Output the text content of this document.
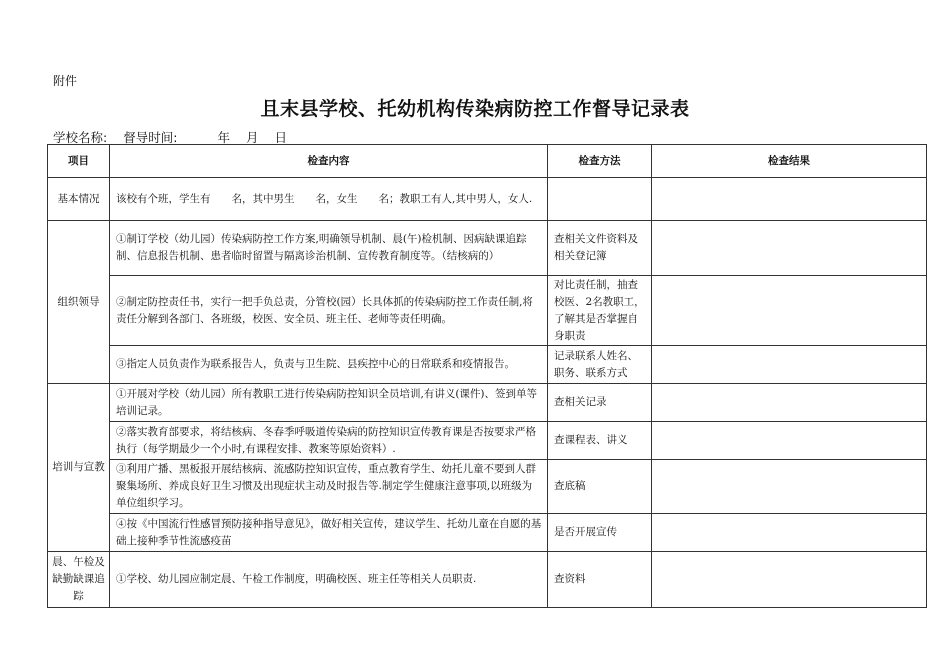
附件
且末县学校、托幼机构传染病防控工作督导记录表
学校名称: 督导时间:	年 月 日
项目	检查内容	检查方法	检查结果
基本情况	该校有个班，学生有　　名，其中男生　　名，女生　　名；教职工有人,其中男人，女人.		
组织领导	①制订学校（幼儿园）传染病防控工作方案,明确领导机制、晨(午)检机制、因病缺课追踪制、信息报告机制、患者临时留置与隔离诊治机制、宣传教育制度等。（结核病的）	查相关文件资料及相关登记簿	
	②制定防控责任书，实行一把手负总责，分管校(园）长具体抓的传染病防控工作责任制,将责任分解到各部门、各班级，校医、安全员、班主任、老师等责任明确。	对比责任制，抽查校医、2名教职工，了解其是否掌握自身职责	
	③指定人员负责作为联系报告人，负责与卫生院、县疾控中心的日常联系和疫情报告。	记录联系人姓名、职务、联系方式	
培训与宣教	①开展对学校（幼儿园）所有教职工进行传染病防控知识全员培训,有讲义(课件)、签到单等培训记录。	查相关记录	
	②落实教育部要求，将结核病、冬春季呼吸道传染病的防控知识宣传教育课是否按要求严格执行（每学期最少一个小时,有课程安排、教案等原始资料）.	查课程表、讲义	
	③利用广播、黑板报开展结核病、流感防控知识宣传，重点教育学生、幼托儿童不要到人群聚集场所、养成良好卫生习惯及出现症状主动及时报告等.制定学生健康注意事项,以班级为单位组织学习。	查底稿	
	④按《中国流行性感冒预防接种指导意见》，做好相关宣传，建议学生、托幼儿童在自愿的基础上接种季节性流感疫苗	是否开展宣传	
晨、午检及缺勤缺课追踪	①学校、幼儿园应制定晨、午检工作制度，明确校医、班主任等相关人员职责.	查资料	
